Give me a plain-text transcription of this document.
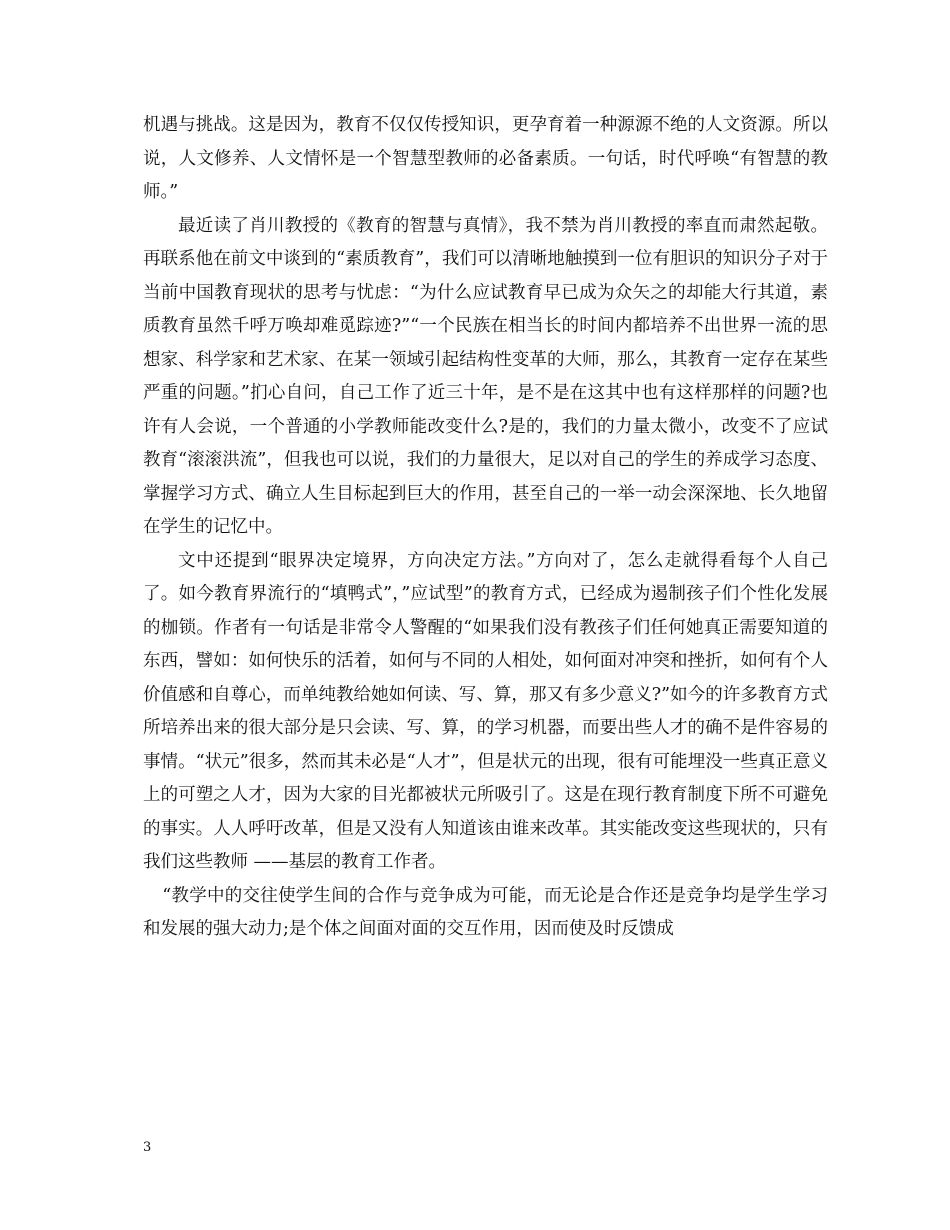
机遇与挑战。这是因为，教育不仅仅传授知识，更孕育着一种源源不绝的人文资源。所以说，人文修养、人文情怀是一个智慧型教师的必备素质。一句话，时代呼唤“有智慧的教师。”

最近读了肖川教授的《教育的智慧与真情》，我不禁为肖川教授的率直而肃然起敬。再联系他在前文中谈到的“素质教育”，我们可以清晰地触摸到一位有胆识的知识分子对于当前中国教育现状的思考与忧虑：“为什么应试教育早已成为众矢之的却能大行其道，素质教育虽然千呼万唤却难觅踪迹?”“一个民族在相当长的时间内都培养不出世界一流的思想家、科学家和艺术家、在某一领域引起结构性变革的大师，那么，其教育一定存在某些严重的问题。”扪心自问，自己工作了近三十年，是不是在这其中也有这样那样的问题?也许有人会说，一个普通的小学教师能改变什么?是的，我们的力量太微小，改变不了应试教育“滚滚洪流”，但我也可以说，我们的力量很大，足以对自己的学生的养成学习态度、掌握学习方式、确立人生目标起到巨大的作用，甚至自己的一举一动会深深地、长久地留在学生的记忆中。

文中还提到“眼界决定境界，方向决定方法。”方向对了，怎么走就得看每个人自己了。如今教育界流行的“填鸭式”，”应试型”的教育方式，已经成为遏制孩子们个性化发展的枷锁。作者有一句话是非常令人警醒的“如果我们没有教孩子们任何她真正需要知道的东西，譬如：如何快乐的活着，如何与不同的人相处，如何面对冲突和挫折，如何有个人价值感和自尊心，而单纯教给她如何读、写、算，那又有多少意义?”如今的许多教育方式所培养出来的很大部分是只会读、写、算，的学习机器，而要出些人才的确不是件容易的事情。“状元”很多，然而其未必是“人才”，但是状元的出现，很有可能埋没一些真正意义上的可塑之人才，因为大家的目光都被状元所吸引了。这是在现行教育制度下所不可避免的事实。人人呼吁改革，但是又没有人知道该由谁来改革。其实能改变这些现状的，只有我们这些教师 ——基层的教育工作者。

“教学中的交往使学生间的合作与竞争成为可能，而无论是合作还是竞争均是学生学习和发展的强大动力;是个体之间面对面的交互作用，因而使及时反馈成

3
